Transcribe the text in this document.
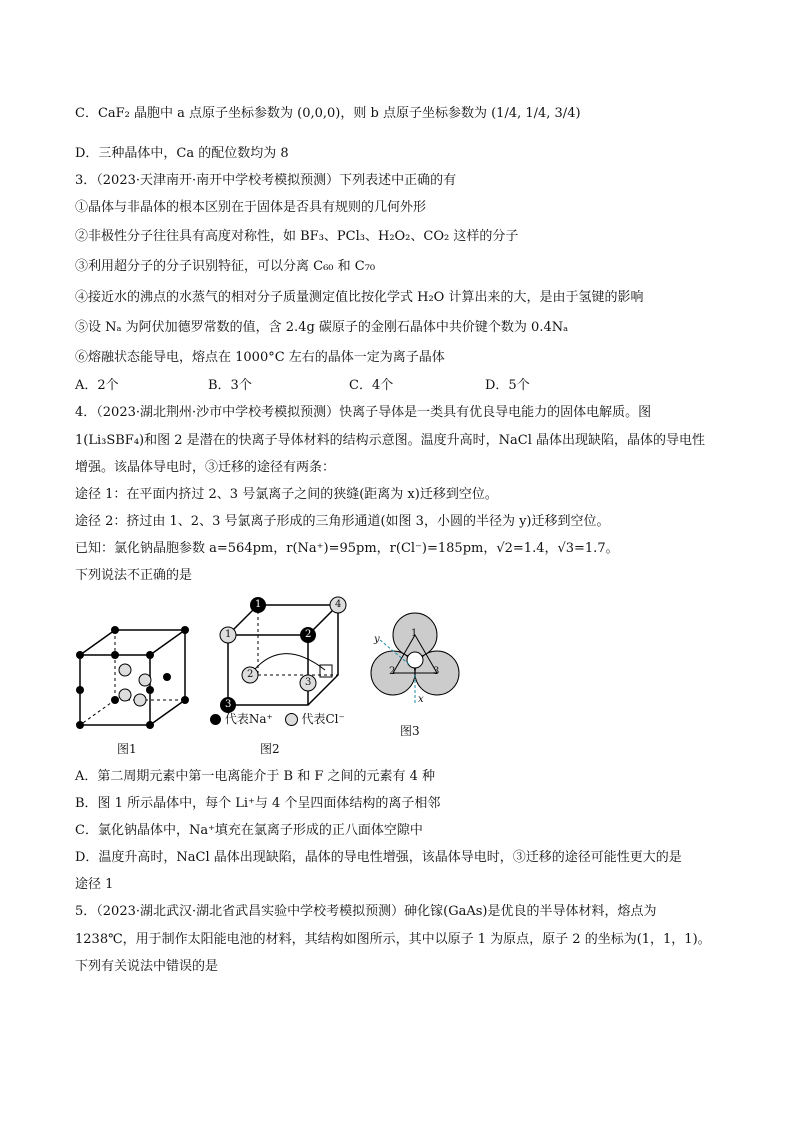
C．CaF₂ 晶胞中 a 点原子坐标参数为 (0,0,0)，则 b 点原子坐标参数为 (1/4, 1/4, 3/4)
D．三种晶体中，Ca 的配位数均为 8
3．（2023·天津南开·南开中学校考模拟预测）下列表述中正确的有
①晶体与非晶体的根本区别在于固体是否具有规则的几何外形
②非极性分子往往具有高度对称性，如 BF₃、PCl₃、H₂O₂、CO₂ 这样的分子
③利用超分子的分子识别特征，可以分离 C₆₀ 和 C₇₀
④接近水的沸点的水蒸气的相对分子质量测定值比按化学式 H₂O 计算出来的大，是由于氢键的影响
⑤设 Nₐ 为阿伏加德罗常数的值，含 2.4g 碳原子的金刚石晶体中共价键个数为 0.4Nₐ
⑥熔融状态能导电，熔点在 1000°C 左右的晶体一定为离子晶体
4．（2023·湖北荆州·沙市中学校考模拟预测）快离子导体是一类具有优良导电能力的固体电解质。图
1(Li₃SBF₄)和图 2 是潜在的快离子导体材料的结构示意图。温度升高时，NaCl 晶体出现缺陷，晶体的导电性
增强。该晶体导电时，③迁移的途径有两条：
途径 1：在平面内挤过 2、3 号氯离子之间的狭缝(距离为 x)迁移到空位。
途径 2：挤过由 1、2、3 号氯离子形成的三角形通道(如图 3，小圆的半径为 y)迁移到空位。
已知：氯化钠晶胞参数 a=564pm，r(Na⁺)=95pm，r(Cl⁻)=185pm，√2=1.4，√3=1.7。
下列说法不正确的是
A．第二周期元素中第一电离能介于 B 和 F 之间的元素有 4 种
B．图 1 所示晶体中，每个 Li⁺与 4 个呈四面体结构的离子相邻
C．氯化钠晶体中，Na⁺填充在氯离子形成的正八面体空隙中
D．温度升高时，NaCl 晶体出现缺陷，晶体的导电性增强，该晶体导电时，③迁移的途径可能性更大的是
途径 1
5．（2023·湖北武汉·湖北省武昌实验中学校考模拟预测）砷化镓(GaAs)是优良的半导体材料，熔点为
1238℃，用于制作太阳能电池的材料，其结构如图所示，其中以原子 1 为原点，原子 2 的坐标为(1，1，1)。
下列有关说法中错误的是
A．2个	B．3个	C．4个	D．5个
图1
1	4
1	2
2
3
3
代表Na⁺ 代表Cl⁻
图2
1
2	3
y
x
图3
